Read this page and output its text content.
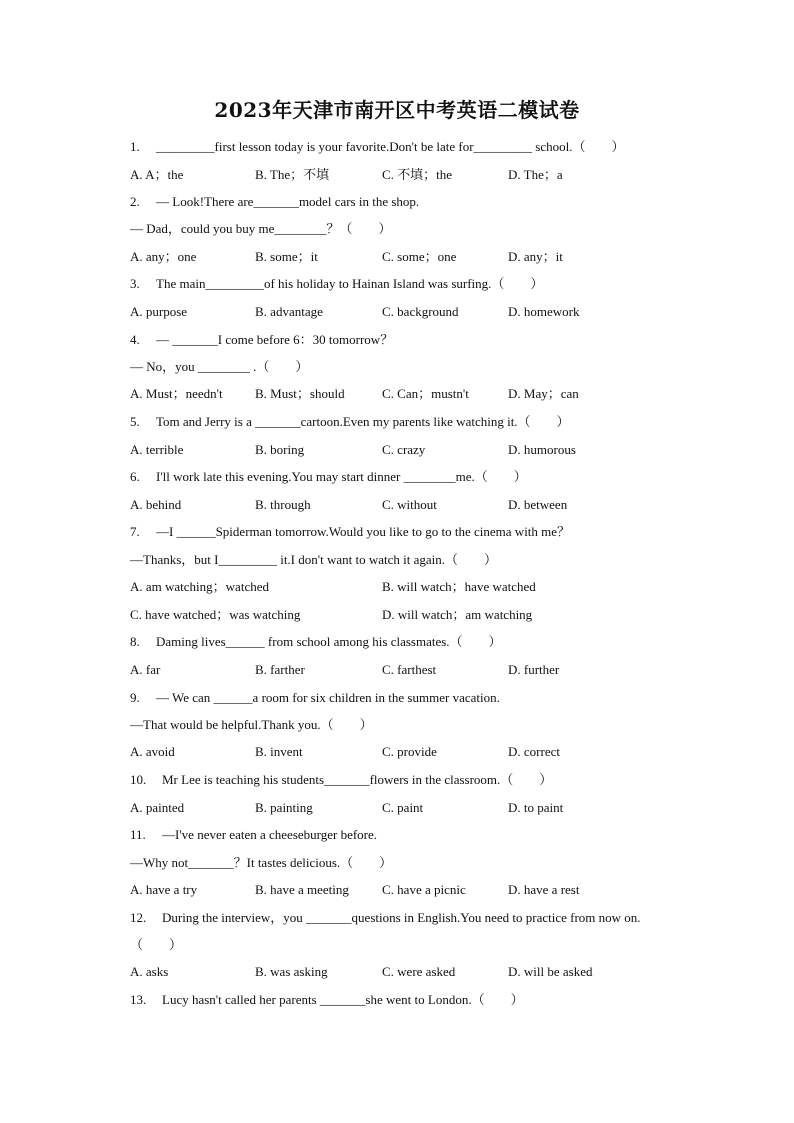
2023年天津市南开区中考英语二模试卷
1. _________first lesson today is your favorite.Don't be late for_________ school.（　　）
A. A；the	B. The；不填	C. 不填；the	D. The；a
2. — Look!There are_______model cars in the shop.
— Dad，could you buy me________？（　　）
A. any；one	B. some；it	C. some；one	D. any；it
3. The main_________of his holiday to Hainan Island was surfing.（　　）
A. purpose	B. advantage	C. background	D. homework
4. — _______I come before 6：30 tomorrow？
— No，you ________ .（　　）
A. Must；needn't B. Must；should	C. Can；mustn't	D. May；can
5. Tom and Jerry is a _______cartoon.Even my parents like watching it.（　　）
A. terrible	B. boring	C. crazy	D. humorous
6. I'll work late this evening.You may start dinner ________me.（　　）
A. behind	B. through	C. without	D. between
7. —I ______Spiderman tomorrow.Would you like to go to the cinema with me？
—Thanks，but I_________ it.I don't want to watch it again.（　　）
A. am watching；watched	B. will watch；have watched
C. have watched；was watching	D. will watch；am watching
8. Daming lives______ from school among his classmates.（　　）
A. far	B. farther	C. farthest	D. further
9. — We can ______a room for six children in the summer vacation.
—That would be helpful.Thank you.（　　）
A. avoid	B. invent	C. provide	D. correct
10. Mr Lee is teaching his students_______flowers in the classroom.（　　）
A. painted	B. painting	C. paint	D. to paint
11. —I've never eaten a cheeseburger before.
—Why not_______？It tastes delicious.（　　）
A. have a try	B. have a meeting	C. have a picnic	D. have a rest
12. During the interview，you _______questions in English.You need to practice from now on.
（　　）
A. asks	B. was asking	C. were asked	D. will be asked
13. Lucy hasn't called her parents _______she went to London.（　　）
